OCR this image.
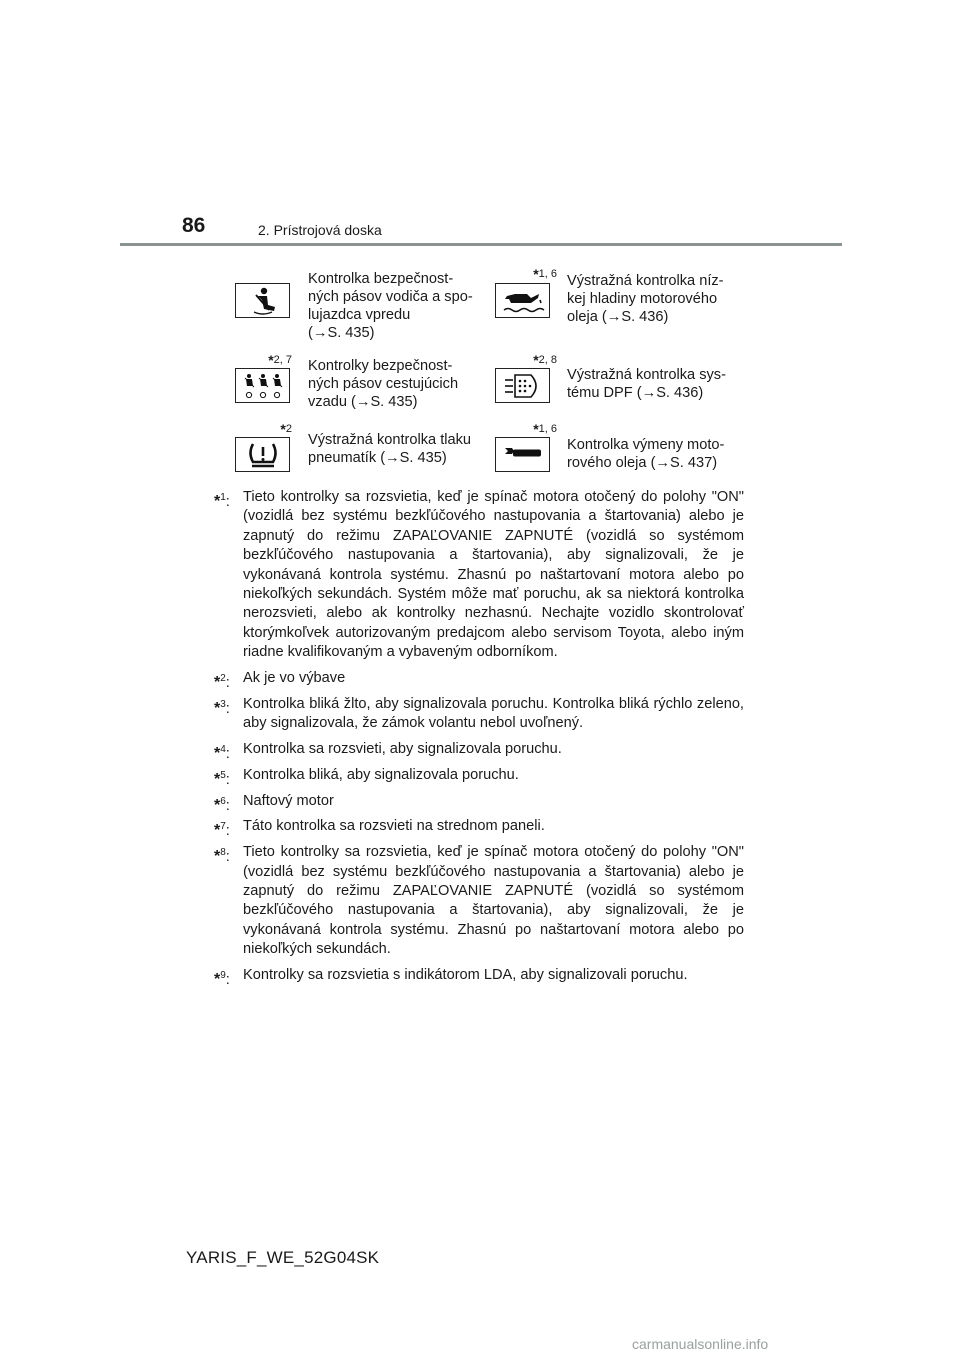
86	2. Prístrojová doska
Kontrolka bezpečnost-
ných pásov vodiča a spo-
lujazdca vpredu
(→S. 435)
*1, 6 Výstražná kontrolka níz-
kej hladiny motorového
oleja (→S. 436)
*2, 7 Kontrolky bezpečnost-
ných pásov cestujúcich
vzadu (→S. 435)
*2, 8
Výstražná kontrolka sys-
tému DPF (→S. 436)
*2
Výstražná kontrolka tlaku
pneumatík (→S. 435)
*1, 6
Kontrolka výmeny moto-
rového oleja (→S. 437)
*$^1$: Tieto kontrolky sa rozsvietia, keď je spínač motora otočený do polohy "ON" (vozidlá bez systému bezkľúčového nastupovania a štartovania) alebo je zapnutý do režimu ZAPAĽOVANIE ZAPNUTÉ (vozidlá so systémom bezkľúčového nastupovania a štartovania), aby signalizovali, že je vykonávaná kontrola systému. Zhasnú po naštartovaní motora alebo po niekoľkých sekundách. Systém môže mať poruchu, ak sa niektorá kontrolka nerozsvieti, alebo ak kontrolky nezhasnú. Nechajte vozidlo skontrolovať ktorýmkoľvek autorizovaným predajcom alebo servisom Toyota, alebo iným riadne kvalifikovaným a vybaveným odborníkom.
*$^2$: Ak je vo výbave
*$^3$: Kontrolka bliká žlto, aby signalizovala poruchu. Kontrolka bliká rýchlo zeleno, aby signalizovala, že zámok volantu nebol uvoľnený.
*$^4$: Kontrolka sa rozsvieti, aby signalizovala poruchu.
*$^5$: Kontrolka bliká, aby signalizovala poruchu.
*$^6$: Naftový motor
*$^7$: Táto kontrolka sa rozsvieti na strednom paneli.
*$^8$: Tieto kontrolky sa rozsvietia, keď je spínač motora otočený do polohy "ON" (vozidlá bez systému bezkľúčového nastupovania a štartovania) alebo je zapnutý do režimu ZAPAĽOVANIE ZAPNUTÉ (vozidlá so systémom bezkľúčového nastupovania a štartovania), aby signalizovali, že je vykonávaná kontrola systému. Zhasnú po naštartovaní motora alebo po niekoľkých sekundách.
*$^9$: Kontrolky sa rozsvietia s indikátorom LDA, aby signalizovali poruchu.
YARIS_F_WE_52G04SK
carmanualsonline.info
